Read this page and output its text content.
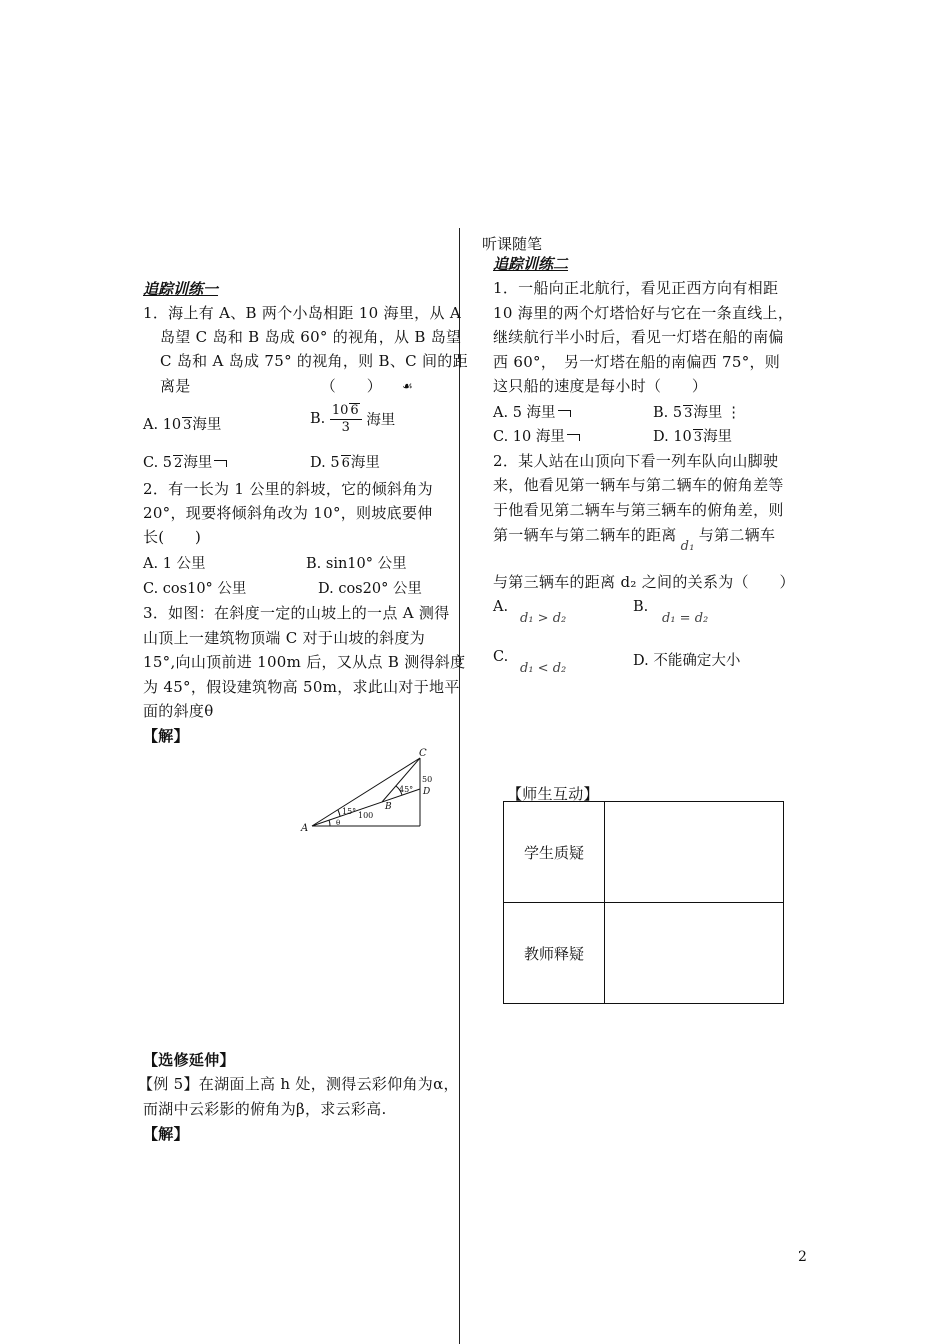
听课随笔
追踪训练一
1．海上有 A、B 两个小岛相距 10 海里，从 A
岛望 C 岛和 B 岛成 60° 的视角，从 B 岛望
C 岛和 A 岛成 75° 的视角，则 B、C 间的距
离是　　　　　　　　　（　　） ☙
A. 10 3海里	B. $\frac{10 6}{3}$ 海里
C. 5 2海里	D. 5 6海里
2．有一长为 1 公里的斜坡，它的倾斜角为
20°，现要将倾斜角改为 10°，则坡底要伸
长(　　)
A. 1 公里	B. sin10° 公里
C. cos10° 公里	D. cos20° 公里
3．如图：在斜度一定的山坡上的一点 A 测得
山顶上一建筑物顶端 C 对于山坡的斜度为
15°,向山顶前进 100m 后，又从点 B 测得斜度
为 45°，假设建筑物高 50m，求此山对于地平
面的斜度θ
【解】
A
B
C
D
15°
45°
100
50
θ
【选修延伸】
【例 5】在湖面上高 h 处，测得云彩仰角为α，
而湖中云彩影的俯角为β，求云彩高.
【解】
追踪训练二
1．一船向正北航行，看见正西方向有相距
10 海里的两个灯塔恰好与它在一条直线上，
继续航行半小时后，看见一灯塔在船的南偏
西 60°，　另一灯塔在船的南偏西 75°，则
这只船的速度是每小时（　　）
A. 5 海里	B. 5 3海里 ⋮
C. 10 海里	D. 10 3海里
2．某人站在山顶向下看一列车队向山脚驶
来，他看见第一辆车与第二辆车的俯角差等
于他看见第二辆车与第三辆车的俯角差，则
第一辆车与第二辆车的距离d₁与第二辆车
与第三辆车的距离 d₂ 之间的关系为（　　）
A.
d₁ > d₂
B.
d₁ = d₂
C.
d₁ < d₂	D. 不能确定大小
【师生互动】
学生质疑	
教师释疑	
2
